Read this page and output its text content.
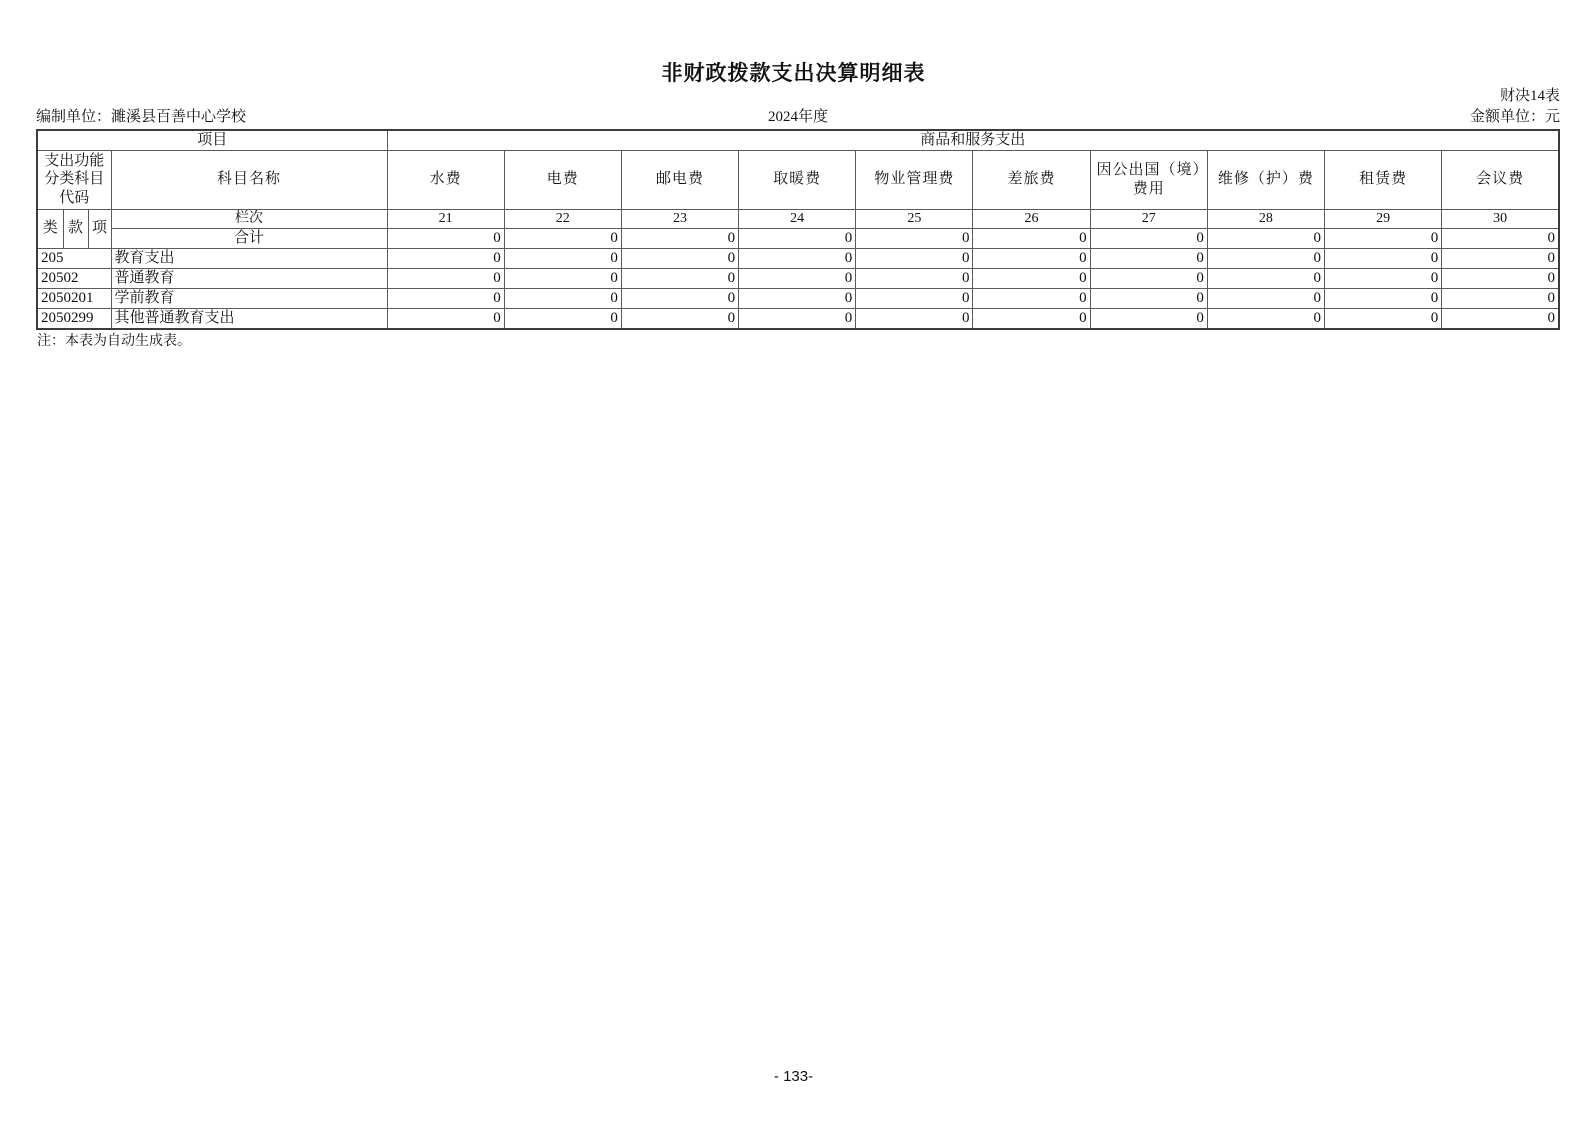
非财政拨款支出决算明细表
财决14表
编制单位：濉溪县百善中心学校	2024年度	金额单位：元
项目				商品和服务支出									
支出功能分类科目代码			科目名称	水费	电费	邮电费	取暖费	物业管理费	差旅费	因公出国（境）费用	维修（护）费	租赁费	会议费
类	款	项	栏次	21	22	23	24	25	26	27	28	29	30
			合计	0	0	0	0	0	0	0	0	0	0
205			教育支出	0	0	0	0	0	0	0	0	0	0
20502			普通教育	0	0	0	0	0	0	0	0	0	0
2050201			学前教育	0	0	0	0	0	0	0	0	0	0
2050299			其他普通教育支出	0	0	0	0	0	0	0	0	0	0
注：本表为自动生成表。
- 133-
